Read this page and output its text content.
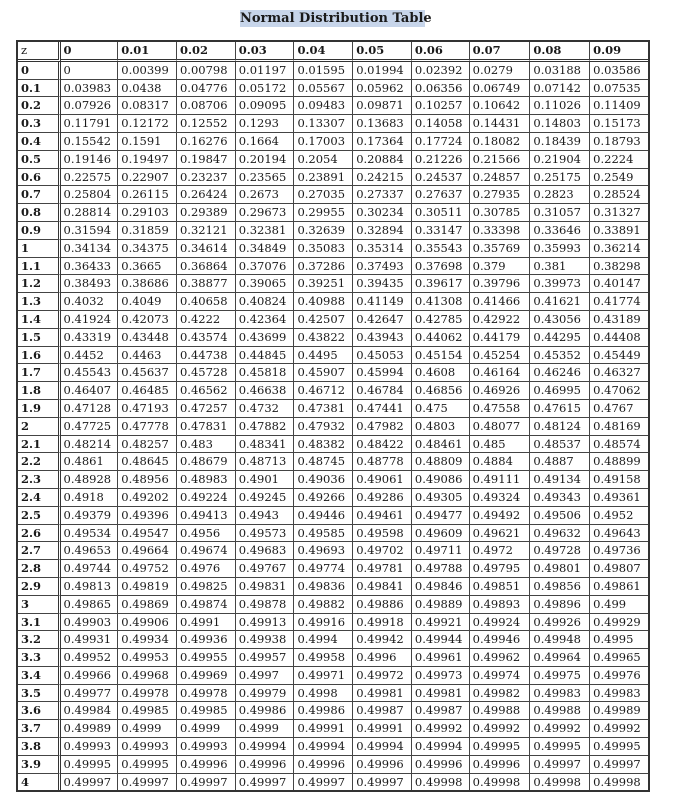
Normal Distribution Table
z	0	0.01	0.02	0.03	0.04	0.05	0.06	0.07	0.08	0.09
0	0	0.00399	0.00798	0.01197	0.01595	0.01994	0.02392	0.0279	0.03188	0.03586
0.1	0.03983	0.0438	0.04776	0.05172	0.05567	0.05962	0.06356	0.06749	0.07142	0.07535
0.2	0.07926	0.08317	0.08706	0.09095	0.09483	0.09871	0.10257	0.10642	0.11026	0.11409
0.3	0.11791	0.12172	0.12552	0.1293	0.13307	0.13683	0.14058	0.14431	0.14803	0.15173
0.4	0.15542	0.1591	0.16276	0.1664	0.17003	0.17364	0.17724	0.18082	0.18439	0.18793
0.5	0.19146	0.19497	0.19847	0.20194	0.2054	0.20884	0.21226	0.21566	0.21904	0.2224
0.6	0.22575	0.22907	0.23237	0.23565	0.23891	0.24215	0.24537	0.24857	0.25175	0.2549
0.7	0.25804	0.26115	0.26424	0.2673	0.27035	0.27337	0.27637	0.27935	0.2823	0.28524
0.8	0.28814	0.29103	0.29389	0.29673	0.29955	0.30234	0.30511	0.30785	0.31057	0.31327
0.9	0.31594	0.31859	0.32121	0.32381	0.32639	0.32894	0.33147	0.33398	0.33646	0.33891
1	0.34134	0.34375	0.34614	0.34849	0.35083	0.35314	0.35543	0.35769	0.35993	0.36214
1.1	0.36433	0.3665	0.36864	0.37076	0.37286	0.37493	0.37698	0.379	0.381	0.38298
1.2	0.38493	0.38686	0.38877	0.39065	0.39251	0.39435	0.39617	0.39796	0.39973	0.40147
1.3	0.4032	0.4049	0.40658	0.40824	0.40988	0.41149	0.41308	0.41466	0.41621	0.41774
1.4	0.41924	0.42073	0.4222	0.42364	0.42507	0.42647	0.42785	0.42922	0.43056	0.43189
1.5	0.43319	0.43448	0.43574	0.43699	0.43822	0.43943	0.44062	0.44179	0.44295	0.44408
1.6	0.4452	0.4463	0.44738	0.44845	0.4495	0.45053	0.45154	0.45254	0.45352	0.45449
1.7	0.45543	0.45637	0.45728	0.45818	0.45907	0.45994	0.4608	0.46164	0.46246	0.46327
1.8	0.46407	0.46485	0.46562	0.46638	0.46712	0.46784	0.46856	0.46926	0.46995	0.47062
1.9	0.47128	0.47193	0.47257	0.4732	0.47381	0.47441	0.475	0.47558	0.47615	0.4767
2	0.47725	0.47778	0.47831	0.47882	0.47932	0.47982	0.4803	0.48077	0.48124	0.48169
2.1	0.48214	0.48257	0.483	0.48341	0.48382	0.48422	0.48461	0.485	0.48537	0.48574
2.2	0.4861	0.48645	0.48679	0.48713	0.48745	0.48778	0.48809	0.4884	0.4887	0.48899
2.3	0.48928	0.48956	0.48983	0.4901	0.49036	0.49061	0.49086	0.49111	0.49134	0.49158
2.4	0.4918	0.49202	0.49224	0.49245	0.49266	0.49286	0.49305	0.49324	0.49343	0.49361
2.5	0.49379	0.49396	0.49413	0.4943	0.49446	0.49461	0.49477	0.49492	0.49506	0.4952
2.6	0.49534	0.49547	0.4956	0.49573	0.49585	0.49598	0.49609	0.49621	0.49632	0.49643
2.7	0.49653	0.49664	0.49674	0.49683	0.49693	0.49702	0.49711	0.4972	0.49728	0.49736
2.8	0.49744	0.49752	0.4976	0.49767	0.49774	0.49781	0.49788	0.49795	0.49801	0.49807
2.9	0.49813	0.49819	0.49825	0.49831	0.49836	0.49841	0.49846	0.49851	0.49856	0.49861
3	0.49865	0.49869	0.49874	0.49878	0.49882	0.49886	0.49889	0.49893	0.49896	0.499
3.1	0.49903	0.49906	0.4991	0.49913	0.49916	0.49918	0.49921	0.49924	0.49926	0.49929
3.2	0.49931	0.49934	0.49936	0.49938	0.4994	0.49942	0.49944	0.49946	0.49948	0.4995
3.3	0.49952	0.49953	0.49955	0.49957	0.49958	0.4996	0.49961	0.49962	0.49964	0.49965
3.4	0.49966	0.49968	0.49969	0.4997	0.49971	0.49972	0.49973	0.49974	0.49975	0.49976
3.5	0.49977	0.49978	0.49978	0.49979	0.4998	0.49981	0.49981	0.49982	0.49983	0.49983
3.6	0.49984	0.49985	0.49985	0.49986	0.49986	0.49987	0.49987	0.49988	0.49988	0.49989
3.7	0.49989	0.4999	0.4999	0.4999	0.49991	0.49991	0.49992	0.49992	0.49992	0.49992
3.8	0.49993	0.49993	0.49993	0.49994	0.49994	0.49994	0.49994	0.49995	0.49995	0.49995
3.9	0.49995	0.49995	0.49996	0.49996	0.49996	0.49996	0.49996	0.49996	0.49997	0.49997
4	0.49997	0.49997	0.49997	0.49997	0.49997	0.49997	0.49998	0.49998	0.49998	0.49998
